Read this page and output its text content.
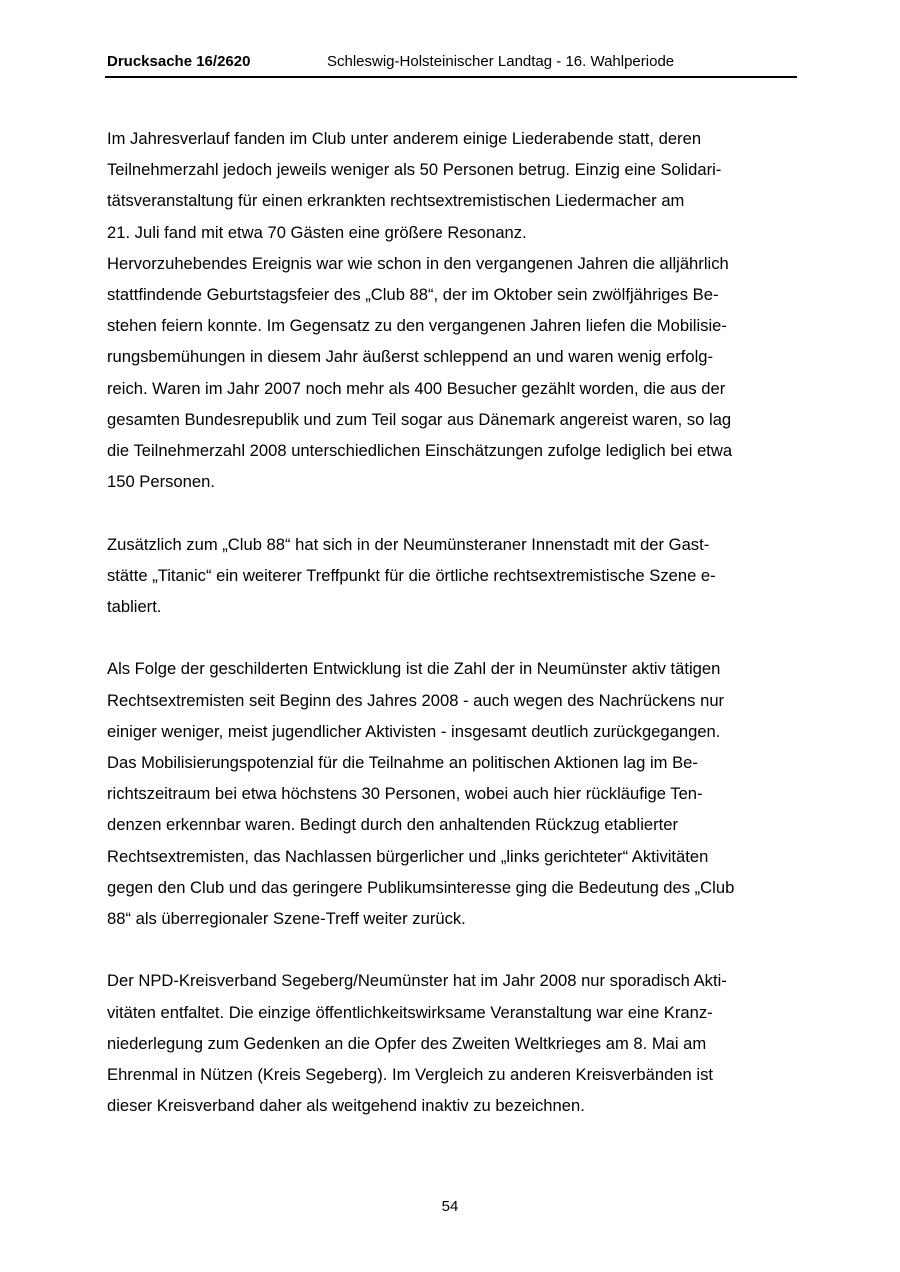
Drucksache 16/2620	Schleswig-Holsteinischer Landtag - 16. Wahlperiode

Im Jahresverlauf fanden im Club unter anderem einige Liederabende statt, deren
Teilnehmerzahl jedoch jeweils weniger als 50 Personen betrug. Einzig eine Solidari-
tätsveranstaltung für einen erkrankten rechtsextremistischen Liedermacher am
21. Juli fand mit etwa 70 Gästen eine größere Resonanz.

Hervorzuhebendes Ereignis war wie schon in den vergangenen Jahren die alljährlich
stattfindende Geburtstagsfeier des „Club 88“, der im Oktober sein zwölfjähriges Be-
stehen feiern konnte. Im Gegensatz zu den vergangenen Jahren liefen die Mobilisie-
rungsbemühungen in diesem Jahr äußerst schleppend an und waren wenig erfolg-
reich. Waren im Jahr 2007 noch mehr als 400 Besucher gezählt worden, die aus der
gesamten Bundesrepublik und zum Teil sogar aus Dänemark angereist waren, so lag
die Teilnehmerzahl 2008 unterschiedlichen Einschätzungen zufolge lediglich bei etwa
150 Personen.

Zusätzlich zum „Club 88“ hat sich in der Neumünsteraner Innenstadt mit der Gast-
stätte „Titanic“ ein weiterer Treffpunkt für die örtliche rechtsextremistische Szene e-
tabliert.

Als Folge der geschilderten Entwicklung ist die Zahl der in Neumünster aktiv tätigen
Rechtsextremisten seit Beginn des Jahres 2008 - auch wegen des Nachrückens nur
einiger weniger, meist jugendlicher Aktivisten - insgesamt deutlich zurückgegangen.
Das Mobilisierungspotenzial für die Teilnahme an politischen Aktionen lag im Be-
richtszeitraum bei etwa höchstens 30 Personen, wobei auch hier rückläufige Ten-
denzen erkennbar waren. Bedingt durch den anhaltenden Rückzug etablierter
Rechtsextremisten, das Nachlassen bürgerlicher und „links gerichteter“ Aktivitäten
gegen den Club und das geringere Publikumsinteresse ging die Bedeutung des „Club
88“ als überregionaler Szene-Treff weiter zurück.

Der NPD-Kreisverband Segeberg/Neumünster hat im Jahr 2008 nur sporadisch Akti-
vitäten entfaltet. Die einzige öffentlichkeitswirksame Veranstaltung war eine Kranz-
niederlegung zum Gedenken an die Opfer des Zweiten Weltkrieges am 8. Mai am
Ehrenmal in Nützen (Kreis Segeberg). Im Vergleich zu anderen Kreisverbänden ist
dieser Kreisverband daher als weitgehend inaktiv zu bezeichnen.

54
